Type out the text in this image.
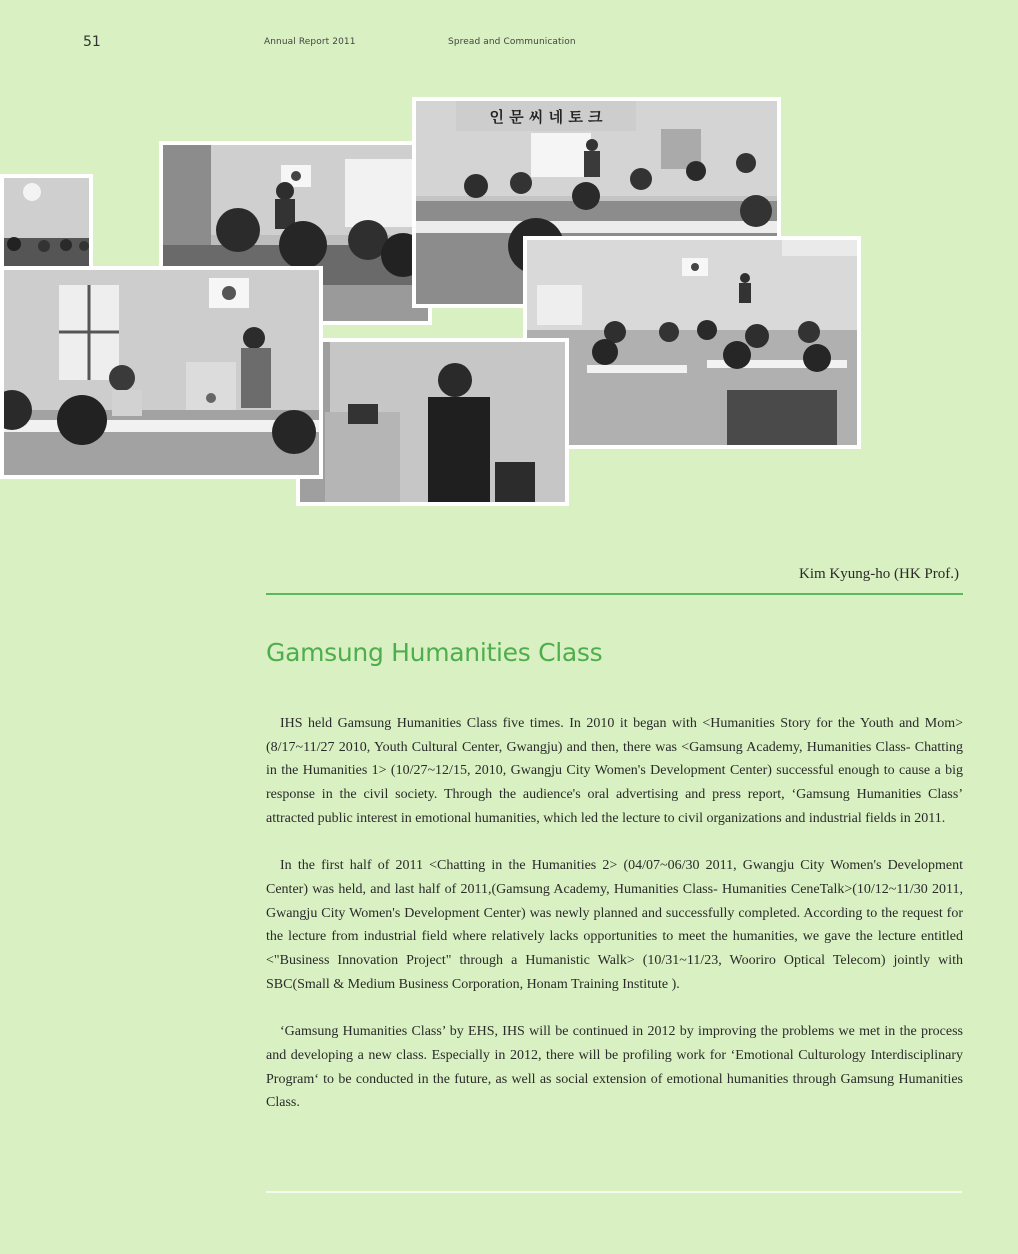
51	Annual Report 2011	Spread and Communication
인 문 씨 네 토 크
Kim Kyung-ho (HK Prof.)
Gamsung Humanities Class

IHS held Gamsung Humanities Class five times. In 2010 it began with <Humanities Story for the Youth and Mom> (8/17~11/27 2010, Youth Cultural Center, Gwangju) and then, there was <Gamsung Academy, Humanities Class- Chatting in the Humanities 1> (10/27~12/15, 2010, Gwangju City Women's Development Center) successful enough to cause a big response in the civil society. Through the audience's oral advertising and press report, ‘Gamsung Humanities Class’ attracted public interest in emotional humanities, which led the lecture to civil organizations and industrial fields in 2011.

In the first half of 2011 <Chatting in the Humanities 2> (04/07~06/30 2011, Gwangju City Women's Development Center) was held, and last half of 2011,(Gamsung Academy, Humanities Class- Humanities CeneTalk>(10/12~11/30 2011, Gwangju City Women's Development Center) was newly planned and successfully completed. According to the request for the lecture from industrial field where relatively lacks opportunities to meet the humanities, we gave the lecture entitled <"Business Innovation Project" through a Humanistic Walk> (10/31~11/23, Wooriro Optical Telecom) jointly with SBC(Small & Medium Business Corporation, Honam Training Institute ).

‘Gamsung Humanities Class’ by EHS, IHS will be continued in 2012 by improving the problems we met in the process and developing a new class. Especially in 2012, there will be profiling work for ‘Emotional Culturology Interdisciplinary Program‘ to be conducted in the future, as well as social extension of emotional humanities through Gamsung Humanities Class.
